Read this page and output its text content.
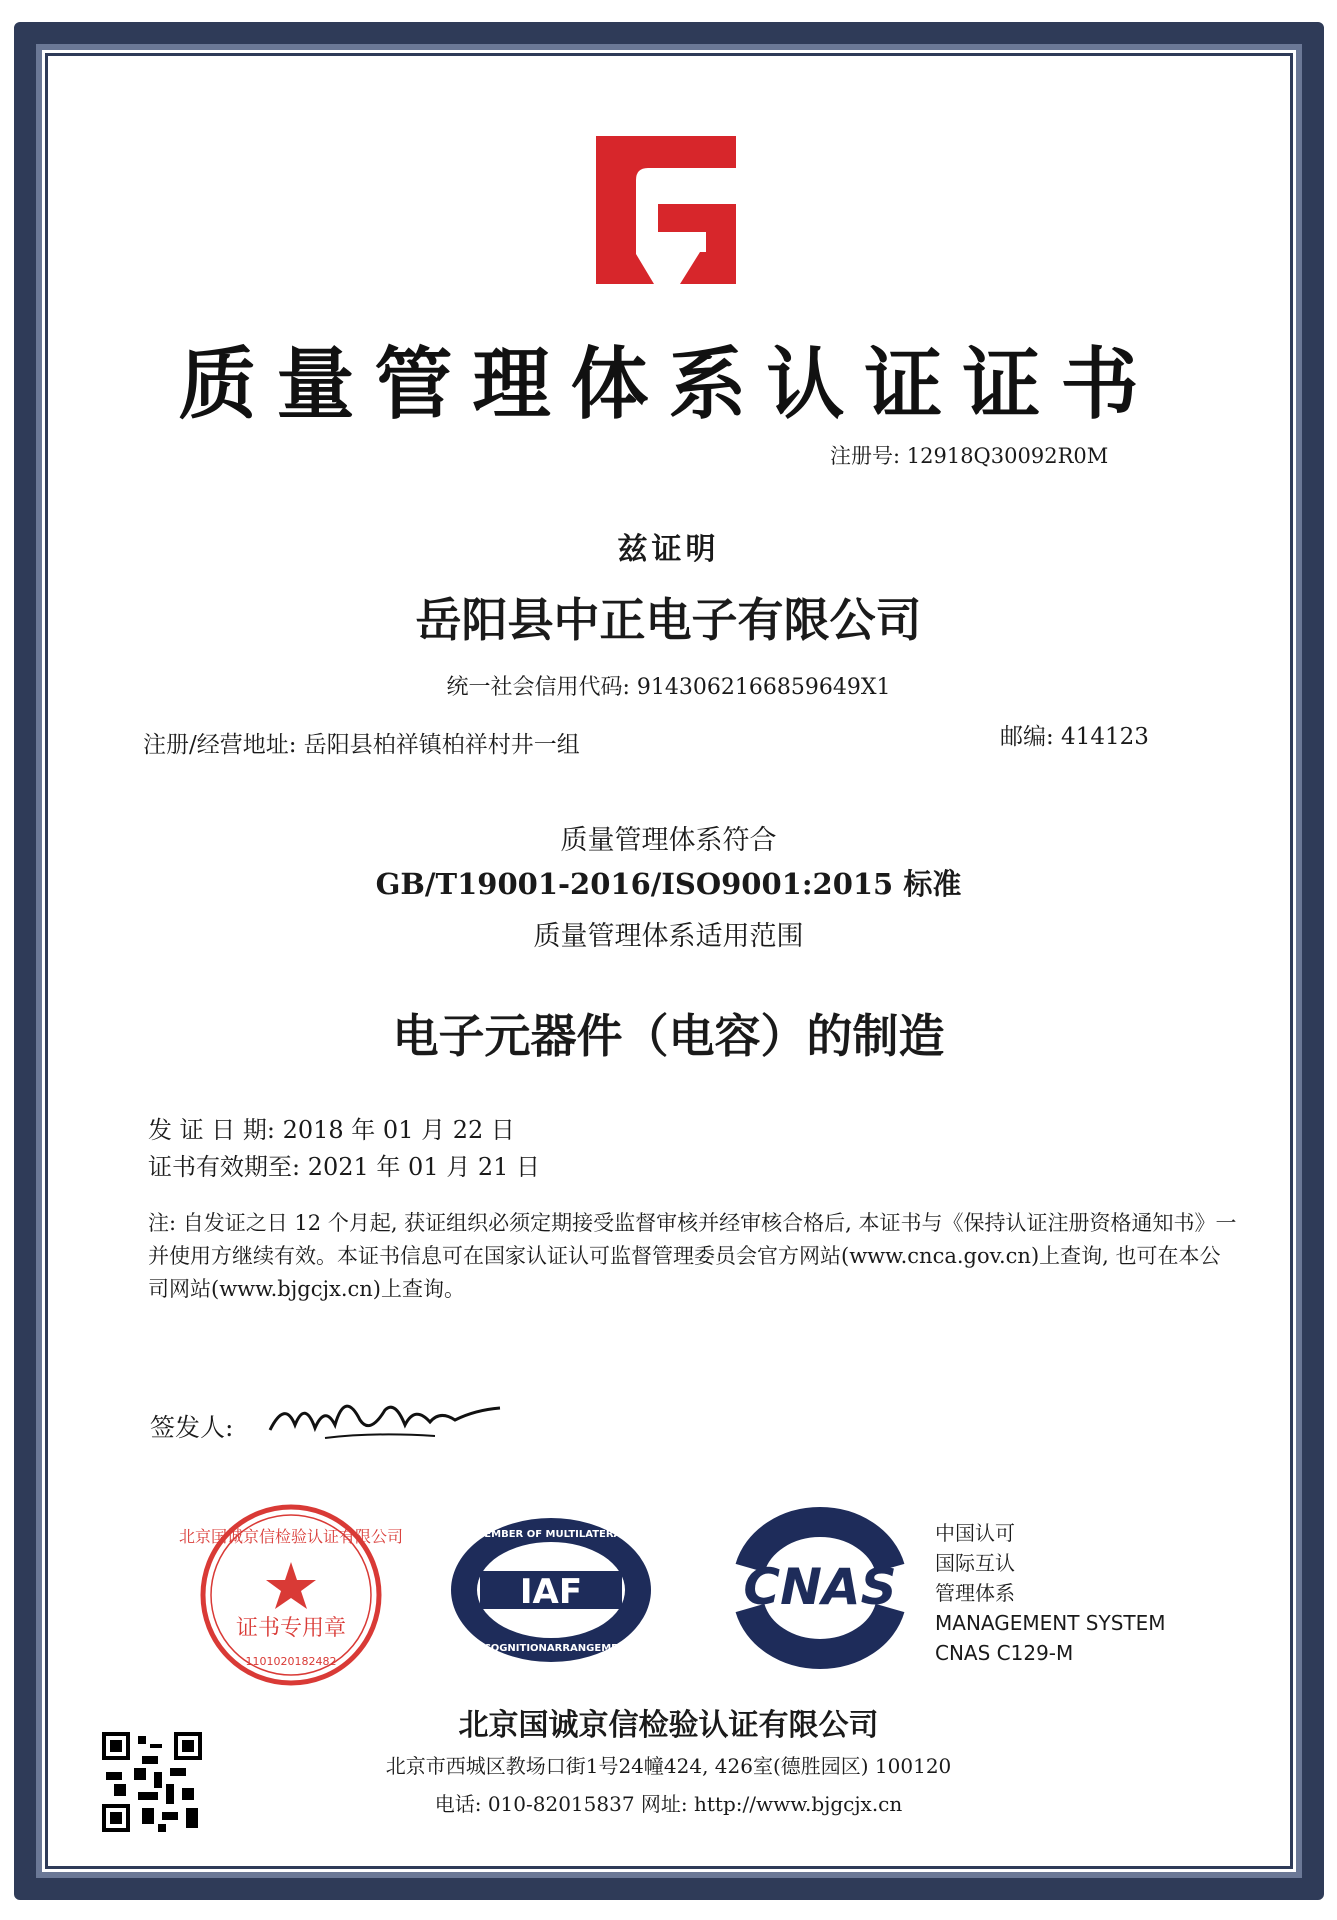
质量管理体系认证证书
注册号: 12918Q30092R0M
兹证明
岳阳县中正电子有限公司
统一社会信用代码: 91430621668596​49X1
注册/经营地址: 岳阳县柏祥镇柏祥村井一组	邮编: 414123
质量管理体系符合
GB/T19001-2016/ISO9001:2015 标准
质量管理体系适用范围
电子元器件（电容）的制造
发 证 日 期: 2018 年 01 月 22 日
证书有效期至: 2021 年 01 月 21 日
注: 自发证之日 12 个月起, 获证组织必须定期接受监督审核并经审核合格后, 本证书与《保持认证注册资格通知书》一并使用方继续有效。本证书信息可在国家认证认可监督管理委员会官方网站(www.cnca.gov.cn)上查询, 也可在本公司网站(www.bjgcjx.cn)上查询。
签发人:
证书专用章
1101020182482
北京国诚京信检验认证有限公司
IAF
MEMBER OF MULTILATERAL
RECOGNITIONARRANGEMENT
CNAS
中国认可
国际互认
管理体系
MANAGEMENT SYSTEM
CNAS C129-M
北京国诚京信检验认证有限公司
北京市西城区教场口街1号24幢424, 426室(德胜园区) 100120
电话: 010-82015837 网址: http://www.bjgcjx.cn
